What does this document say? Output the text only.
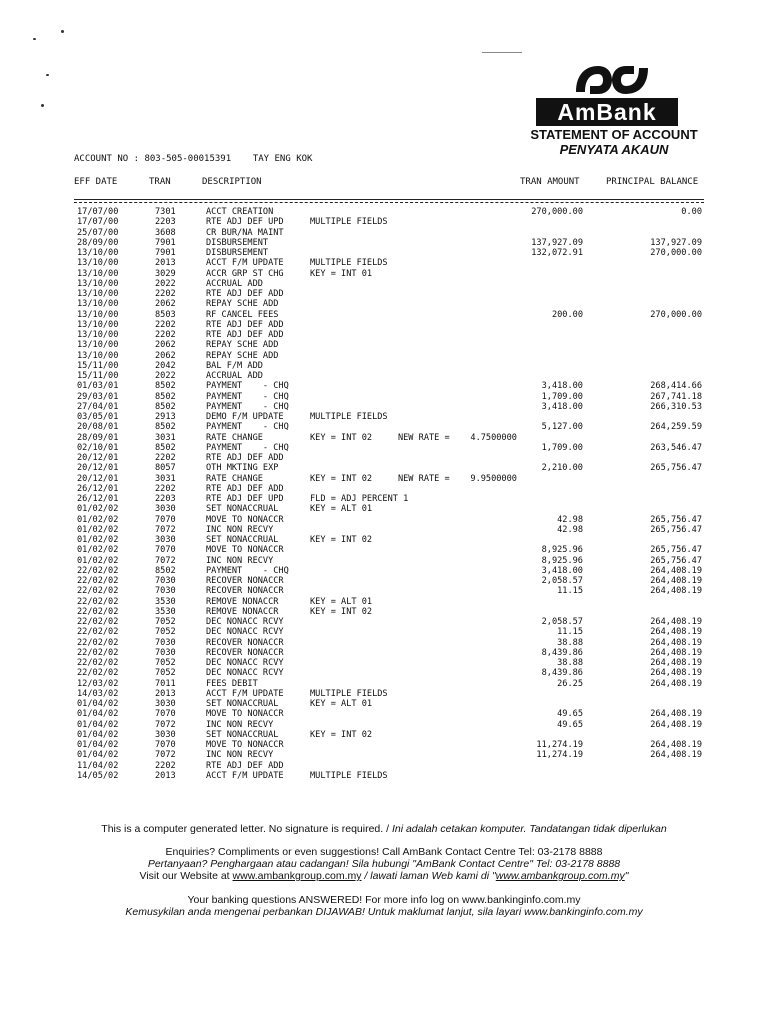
AmBank
STATEMENT OF ACCOUNT
PENYATA AKAUN
ACCOUNT NO : 803-505-00015391 TAY ENG KOK
EFF DATE	TRAN	DESCRIPTION	TRAN AMOUNT	PRINCIPAL BALANCE
17/07/00	7301	ACCT CREATION	270,000.00	0.00
17/07/00	2203	RTE ADJ DEF UPD	MULTIPLE FIELDS
25/07/00	3608	CR BUR/NA MAINT
28/09/00	7901	DISBURSEMENT	137,927.09	137,927.09
13/10/00	7901	DISBURSEMENT	132,072.91	270,000.00
13/10/00	2013	ACCT F/M UPDATE	MULTIPLE FIELDS
13/10/00	3029	ACCR GRP ST CHG	KEY = INT 01
13/10/00	2022	ACCRUAL ADD
13/10/00	2202	RTE ADJ DEF ADD
13/10/00	2062	REPAY SCHE ADD
13/10/00	8503	RF CANCEL FEES	200.00	270,000.00
13/10/00	2202	RTE ADJ DEF ADD
13/10/00	2202	RTE ADJ DEF ADD
13/10/00	2062	REPAY SCHE ADD
13/10/00	2062	REPAY SCHE ADD
15/11/00	2042	BAL F/M ADD
15/11/00	2022	ACCRUAL ADD
01/03/01	8502	PAYMENT    - CHQ	3,418.00	268,414.66
29/03/01	8502	PAYMENT    - CHQ	1,709.00	267,741.18
27/04/01	8502	PAYMENT    - CHQ	3,418.00	266,310.53
03/05/01	2913	DEMO F/M UPDATE	MULTIPLE FIELDS
20/08/01	8502	PAYMENT    - CHQ	5,127.00	264,259.59
28/09/01	3031	RATE CHANGE	KEY = INT 02     NEW RATE =    4.7500000
02/10/01	8502	PAYMENT    - CHQ	1,709.00	263,546.47
20/12/01	2202	RTE ADJ DEF ADD
20/12/01	8057	OTH MKTING EXP	2,210.00	265,756.47
20/12/01	3031	RATE CHANGE	KEY = INT 02     NEW RATE =    9.9500000
26/12/01	2202	RTE ADJ DEF ADD
26/12/01	2203	RTE ADJ DEF UPD	FLD = ADJ PERCENT 1
01/02/02	3030	SET NONACCRUAL	KEY = ALT 01
01/02/02	7070	MOVE TO NONACCR	42.98	265,756.47
01/02/02	7072	INC NON RECVY	42.98	265,756.47
01/02/02	3030	SET NONACCRUAL	KEY = INT 02
01/02/02	7070	MOVE TO NONACCR	8,925.96	265,756.47
01/02/02	7072	INC NON RECVY	8,925.96	265,756.47
22/02/02	8502	PAYMENT    - CHQ	3,418.00	264,408.19
22/02/02	7030	RECOVER NONACCR	2,058.57	264,408.19
22/02/02	7030	RECOVER NONACCR	11.15	264,408.19
22/02/02	3530	REMOVE NONACCR	KEY = ALT 01
22/02/02	3530	REMOVE NONACCR	KEY = INT 02
22/02/02	7052	DEC NONACC RCVY	2,058.57	264,408.19
22/02/02	7052	DEC NONACC RCVY	11.15	264,408.19
22/02/02	7030	RECOVER NONACCR	38.88	264,408.19
22/02/02	7030	RECOVER NONACCR	8,439.86	264,408.19
22/02/02	7052	DEC NONACC RCVY	38.88	264,408.19
22/02/02	7052	DEC NONACC RCVY	8,439.86	264,408.19
12/03/02	7011	FEES DEBIT	26.25	264,408.19
14/03/02	2013	ACCT F/M UPDATE	MULTIPLE FIELDS
01/04/02	3030	SET NONACCRUAL	KEY = ALT 01
01/04/02	7070	MOVE TO NONACCR	49.65	264,408.19
01/04/02	7072	INC NON RECVY	49.65	264,408.19
01/04/02	3030	SET NONACCRUAL	KEY = INT 02
01/04/02	7070	MOVE TO NONACCR	11,274.19	264,408.19
01/04/02	7072	INC NON RECVY	11,274.19	264,408.19
11/04/02	2202	RTE ADJ DEF ADD
14/05/02	2013	ACCT F/M UPDATE	MULTIPLE FIELDS
This is a computer generated letter. No signature is required. / Ini adalah cetakan komputer. Tandatangan tidak diperlukan
Enquiries? Compliments or even suggestions! Call AmBank Contact Centre Tel: 03-2178 8888
Pertanyaan? Penghargaan atau cadangan! Sila hubungi "AmBank Contact Centre" Tel: 03-2178 8888
Visit our Website at www.ambankgroup.com.my / lawati laman Web kami di "www.ambankgroup.com.my"
Your banking questions ANSWERED! For more info log on www.bankinginfo.com.my
Kemusykilan anda mengenai perbankan DIJAWAB! Untuk maklumat lanjut, sila layari www.bankinginfo.com.my
